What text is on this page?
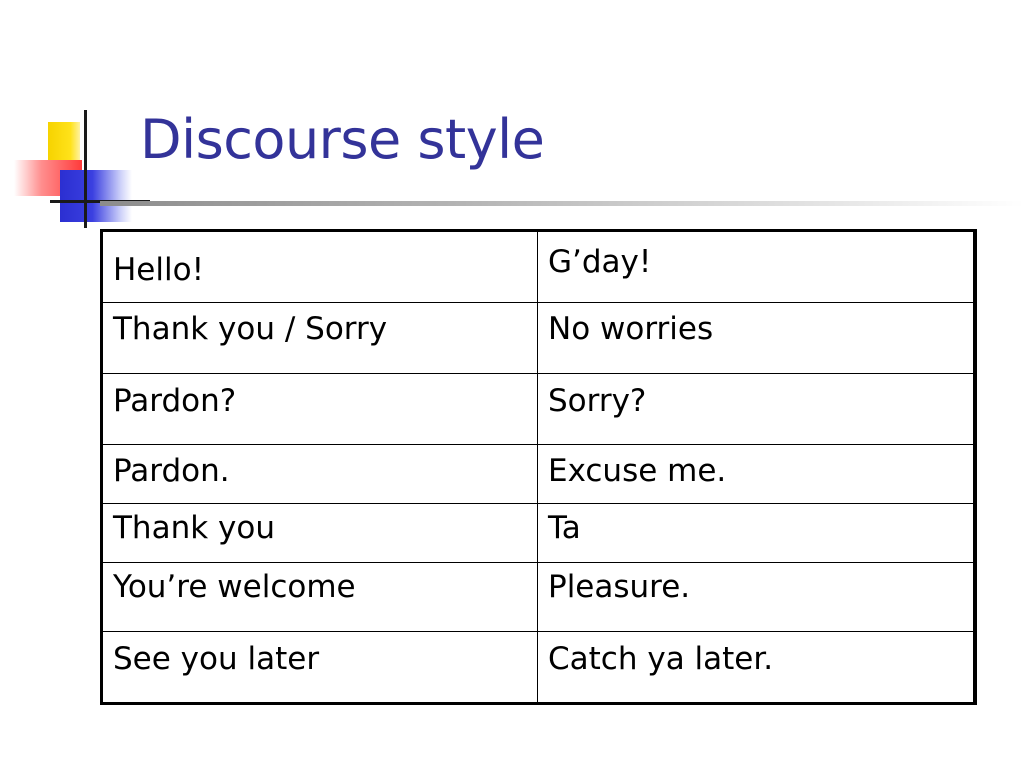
Discourse style
Hello!	G’day!
Thank you / Sorry	No worries
Pardon?	Sorry?
Pardon.	Excuse me.
Thank you	Ta
You’re welcome	Pleasure.
See you later	Catch ya later.
